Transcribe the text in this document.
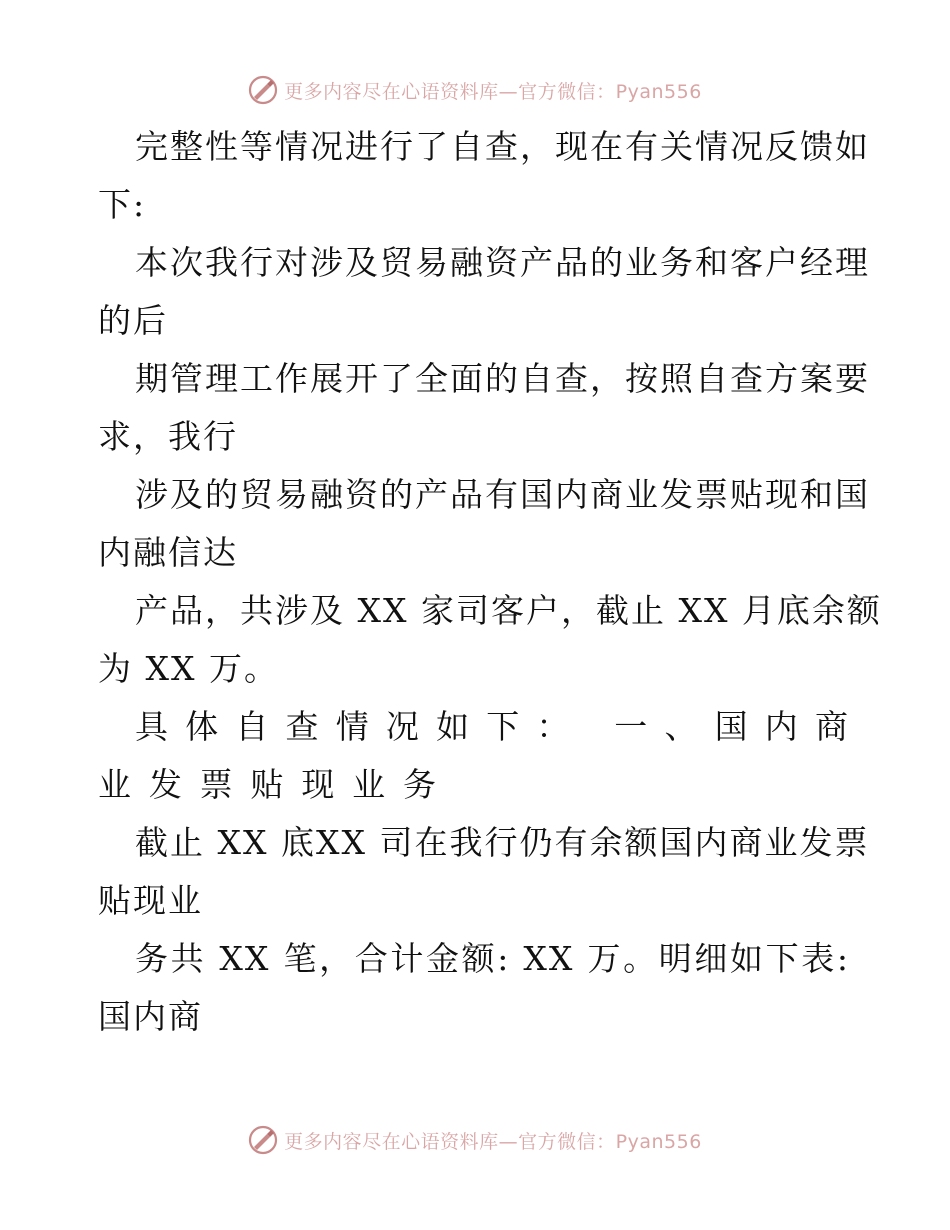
更多内容尽在心语资料库—官方微信：Pyan556
完整性等情况进行了自查，现在有关情况反馈如
下:
本次我行对涉及贸易融资产品的业务和客户经理
的后
期管理工作展开了全面的自查，按照自查方案要
求，我行
涉及的贸易融资的产品有国内商业发票贴现和国
内融信达
产品，共涉及 XX 家司客户，截止 XX 月底余额
为 XX 万。
具体自查情况如下： 一、国内商
业发票贴现业务
截止 XX 底XX 司在我行仍有余额国内商业发票
贴现业
务共 XX 笔，合计金额: XX 万。明细如下表:
国内商
更多内容尽在心语资料库—官方微信：Pyan556
